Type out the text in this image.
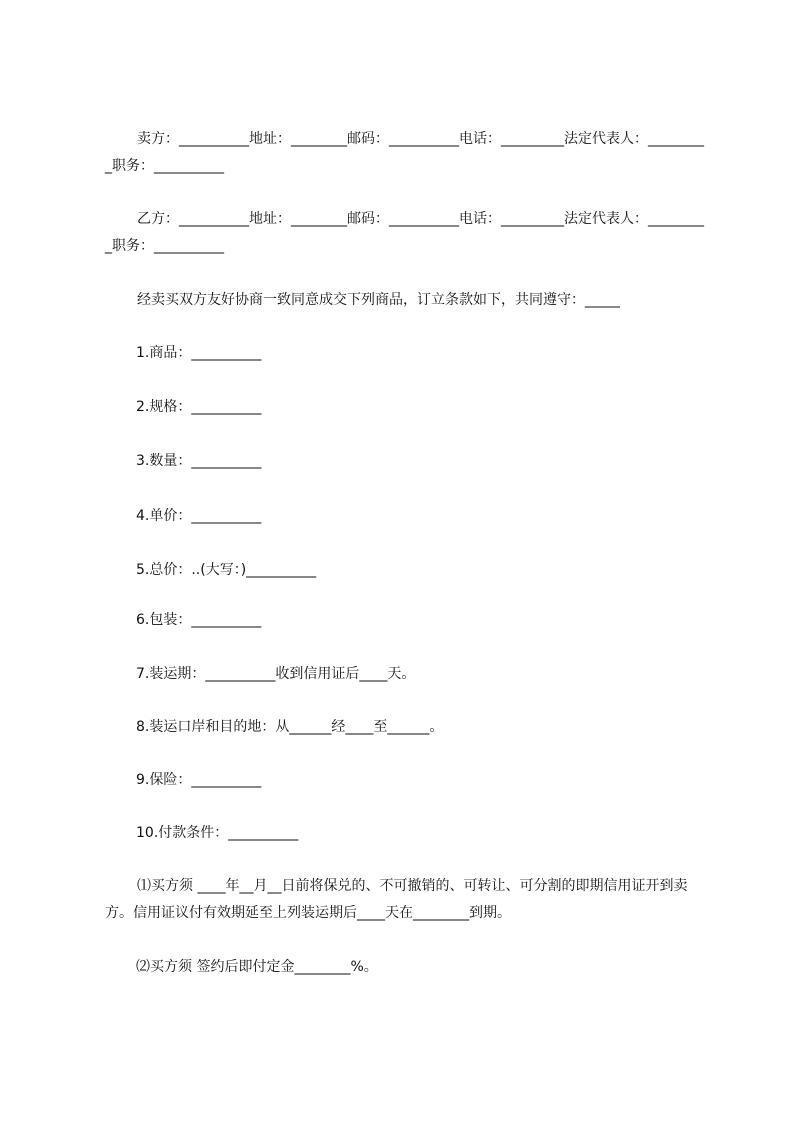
卖方：__________地址：________邮码：__________电话：_________法定代表人：_________职务：__________

乙方：__________地址：________邮码：__________电话：_________法定代表人：_________职务：__________

经卖买双方友好协商一致同意成交下列商品，订立条款如下，共同遵守：_____

1.商品：__________

2.规格：__________

3.数量：__________

4.单价：__________

5.总价：..(大写：)__________

6.包装：__________

7.装运期：__________收到信用证后____天。

8.装运口岸和目的地：从______经____至______。

9.保险：__________

10.付款条件：__________

⑴买方须 ____年__月__日前将保兑的、不可撤销的、可转让、可分割的即期信用证开到卖方。信用证议付有效期延至上列装运期后____天在________到期。

⑵买方须 签约后即付定金________%。
